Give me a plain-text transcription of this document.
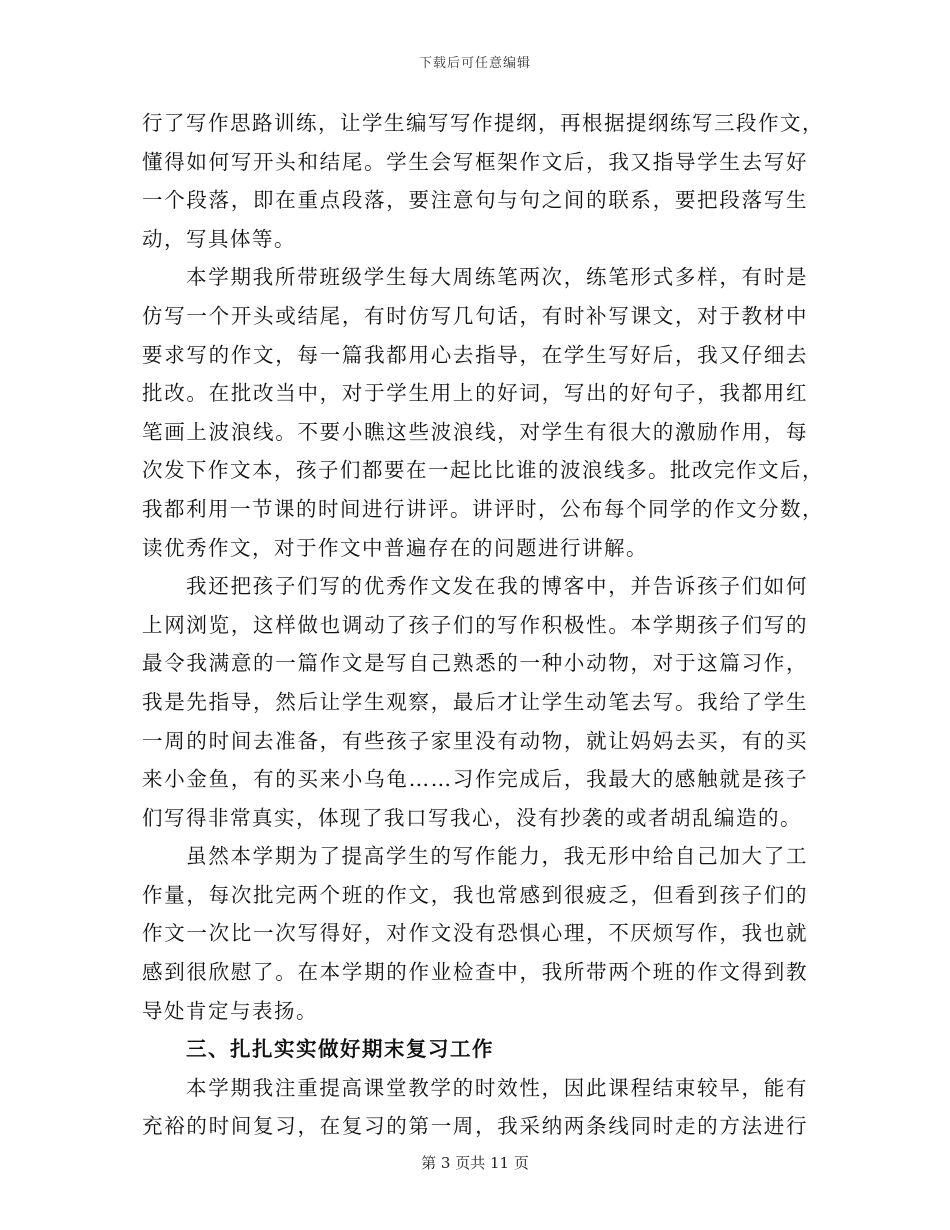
下载后可任意编辑
行了写作思路训练，让学生编写写作提纲，再根据提纲练写三段作文，
懂得如何写开头和结尾。学生会写框架作文后，我又指导学生去写好
一个段落，即在重点段落，要注意句与句之间的联系，要把段落写生
动，写具体等。
本学期我所带班级学生每大周练笔两次，练笔形式多样，有时是
仿写一个开头或结尾，有时仿写几句话，有时补写课文，对于教材中
要求写的作文，每一篇我都用心去指导，在学生写好后，我又仔细去
批改。在批改当中，对于学生用上的好词，写出的好句子，我都用红
笔画上波浪线。不要小瞧这些波浪线，对学生有很大的激励作用，每
次发下作文本，孩子们都要在一起比比谁的波浪线多。批改完作文后，
我都利用一节课的时间进行讲评。讲评时，公布每个同学的作文分数，
读优秀作文，对于作文中普遍存在的问题进行讲解。
我还把孩子们写的优秀作文发在我的博客中，并告诉孩子们如何
上网浏览，这样做也调动了孩子们的写作积极性。本学期孩子们写的
最令我满意的一篇作文是写自己熟悉的一种小动物，对于这篇习作，
我是先指导，然后让学生观察，最后才让学生动笔去写。我给了学生
一周的时间去准备，有些孩子家里没有动物，就让妈妈去买，有的买
来小金鱼，有的买来小乌龟……习作完成后，我最大的感触就是孩子
们写得非常真实，体现了我口写我心，没有抄袭的或者胡乱编造的。
虽然本学期为了提高学生的写作能力，我无形中给自己加大了工
作量，每次批完两个班的作文，我也常感到很疲乏，但看到孩子们的
作文一次比一次写得好，对作文没有恐惧心理，不厌烦写作，我也就
感到很欣慰了。在本学期的作业检查中，我所带两个班的作文得到教
导处肯定与表扬。
三、扎扎实实做好期末复习工作
本学期我注重提高课堂教学的时效性，因此课程结束较早，能有
充裕的时间复习，在复习的第一周，我采纳两条线同时走的方法进行
第 3 页共 11 页
